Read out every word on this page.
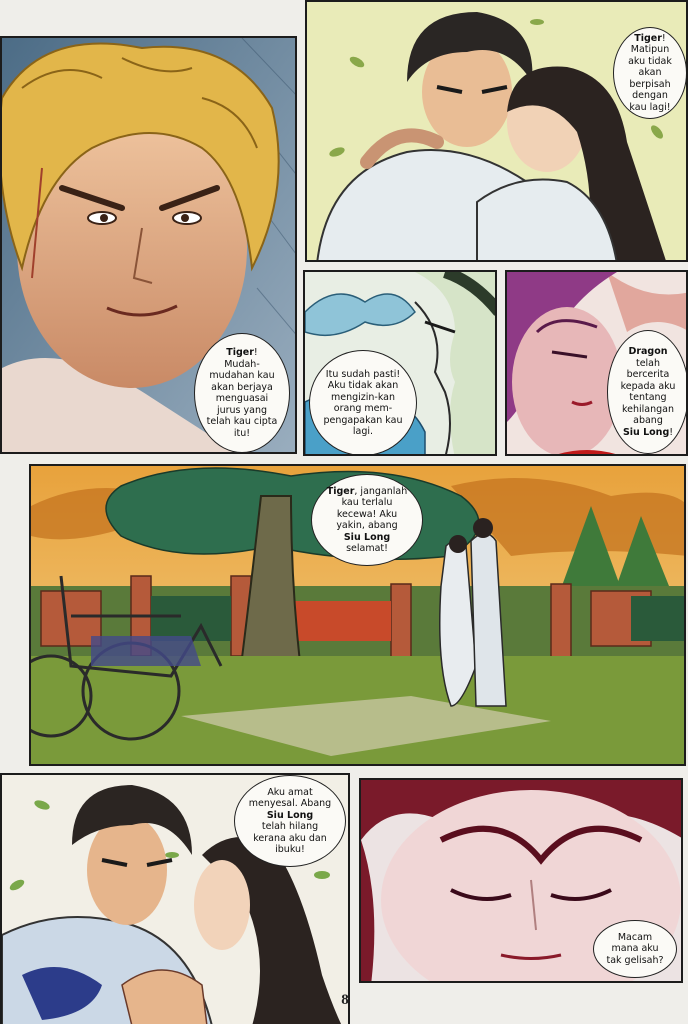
Tiger!
Mudah-mudahan kau akan berjaya menguasai jurus yang telah kau cipta itu!
Tiger!
Matipun aku tidak akan berpisah dengan kau lagi!
Itu sudah pasti! Aku tidak akan mengizin-kan orang mem-pengapakan kau lagi.
Dragon
telah bercerita kepada aku tentang kehilangan abang
Siu Long!
Tiger, janganlah kau terlalu kecewa! Aku yakin, abang
Siu Long selamat!
Aku amat menyesal. Abang
Siu Long
telah hilang kerana aku dan ibuku!
Macam mana aku tak gelisah?
8
